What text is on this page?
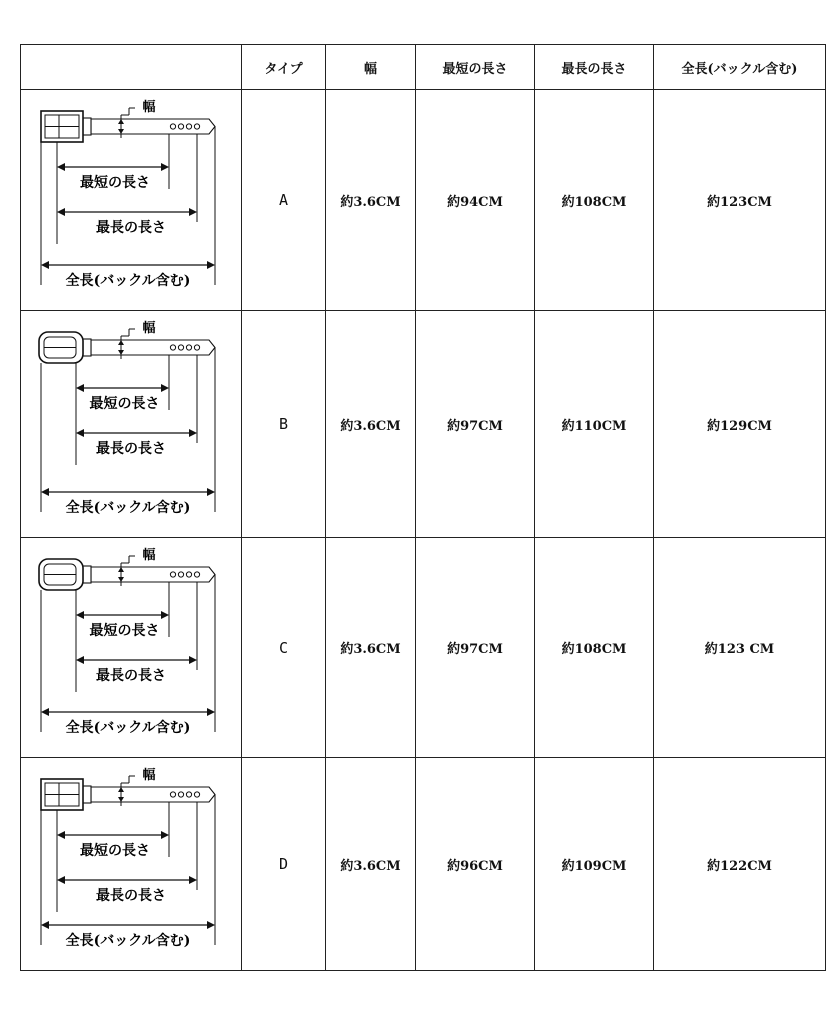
	タイプ	幅	最短の長さ	最長の長さ	全長(バックル含む)

幅
最短の長さ
最長の長さ
全長(バックル含む)	A	約3.6CM	約94CM	約108CM	約123CM

幅
最短の長さ
最長の長さ
全長(バックル含む)	B	約3.6CM	約97CM	約110CM	約129CM

幅
最短の長さ
最長の長さ
全長(バックル含む)	C	約3.6CM	約97CM	約108CM	約123 CM

幅
最短の長さ
最長の長さ
全長(バックル含む)	D	約3.6CM	約96CM	約109CM	約122CM
